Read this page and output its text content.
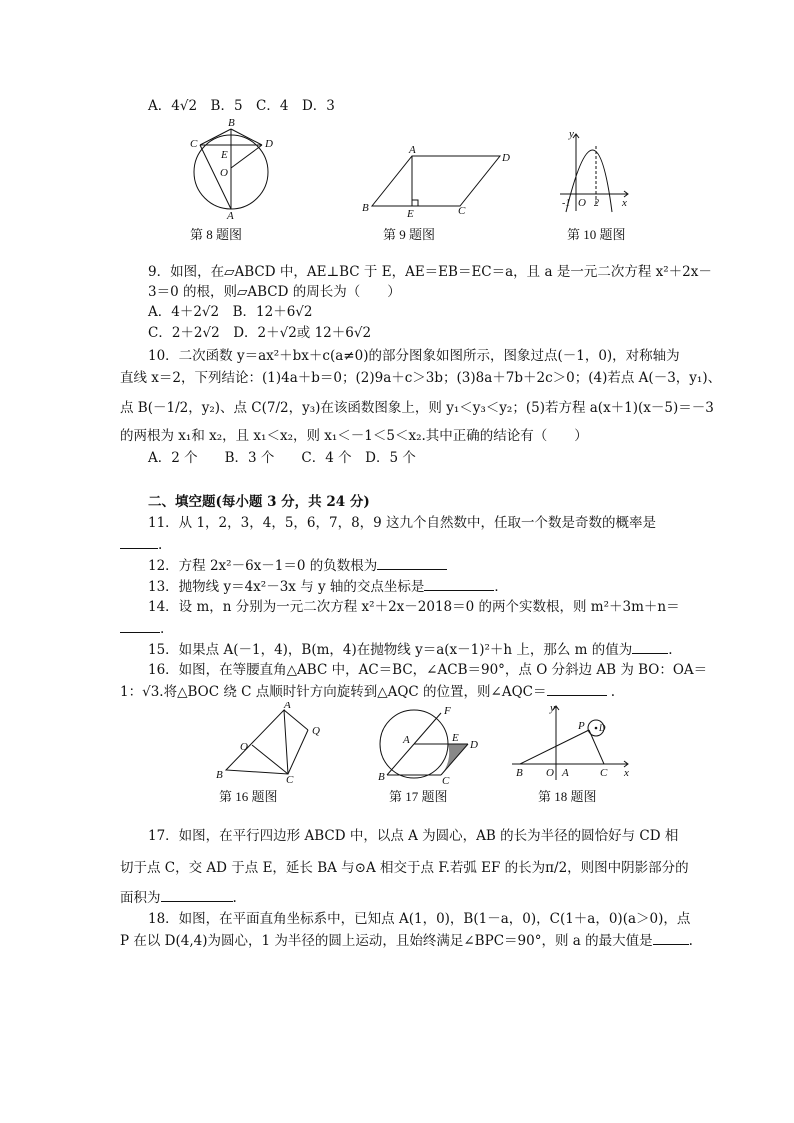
A．4√2　B．5　C．4　D．3
B
C	D
E
O
A
第 8 题图
A
D
B	E	C
第 9 题图
y
x
-1 O 2
第 10 题图
9．如图，在▱ABCD 中，AE⊥BC 于 E，AE＝EB＝EC＝a，且 a 是一元二次方程 x²＋2x－
3＝0 的根，则▱ABCD 的周长为（　　）
A．4＋2√2　B．12＋6√2
C．2＋2√2　D．2＋√2或 12＋6√2
10．二次函数 y＝ax²＋bx＋c(a≠0)的部分图象如图所示，图象过点(－1，0)，对称轴为
直线 x＝2，下列结论：(1)4a＋b＝0；(2)9a＋c＞3b；(3)8a＋7b＋2c＞0；(4)若点 A(－3，y₁)、
点 B(－1/2，y₂)、点 C(7/2，y₃)在该函数图象上，则 y₁＜y₃＜y₂；(5)若方程 a(x＋1)(x－5)＝－3
的两根为 x₁和 x₂，且 x₁＜x₂，则 x₁＜－1＜5＜x₂.其中正确的结论有（　　）
A．2 个　　B．3 个　　C．4 个　D．5 个
二、填空题(每小题 3 分，共 24 分)
11．从 1，2，3，4，5，6，7，8，9 这九个自然数中，任取一个数是奇数的概率是
.
12．方程 2x²－6x－1＝0 的负数根为
13．抛物线 y＝4x²－3x 与 y 轴的交点坐标是	．
14．设 m，n 分别为一元二次方程 x²＋2x－2018＝0 的两个实数根，则 m²＋3m＋n＝
.
15．如果点 A(－1，4)，B(m，4)在抛物线 y＝a(x－1)²＋h 上，那么 m 的值为	.
16．如图，在等腰直角△ABC 中，AC＝BC，∠ACB＝90°，点 O 分斜边 AB 为 BO：OA＝
1：√3.将△BOC 绕 C 点顺时针方向旋转到△AQC 的位置，则∠AQC＝	.
A
O
Q
B	C
第 16 题图
A
F
E
D
B	C
第 17 题图
y
x
P D
B O A	C
第 18 题图
17．如图，在平行四边形 ABCD 中，以点 A 为圆心，AB 的长为半径的圆恰好与 CD 相
切于点 C，交 AD 于点 E，延长 BA 与⊙A 相交于点 F.若弧 EF 的长为π/2，则图中阴影部分的
面积为	.
18．如图，在平面直角坐标系中，已知点 A(1，0)，B(1－a，0)，C(1＋a，0)(a＞0)，点
P 在以 D(4,4)为圆心，1 为半径的圆上运动，且始终满足∠BPC＝90°，则 a 的最大值是	.
